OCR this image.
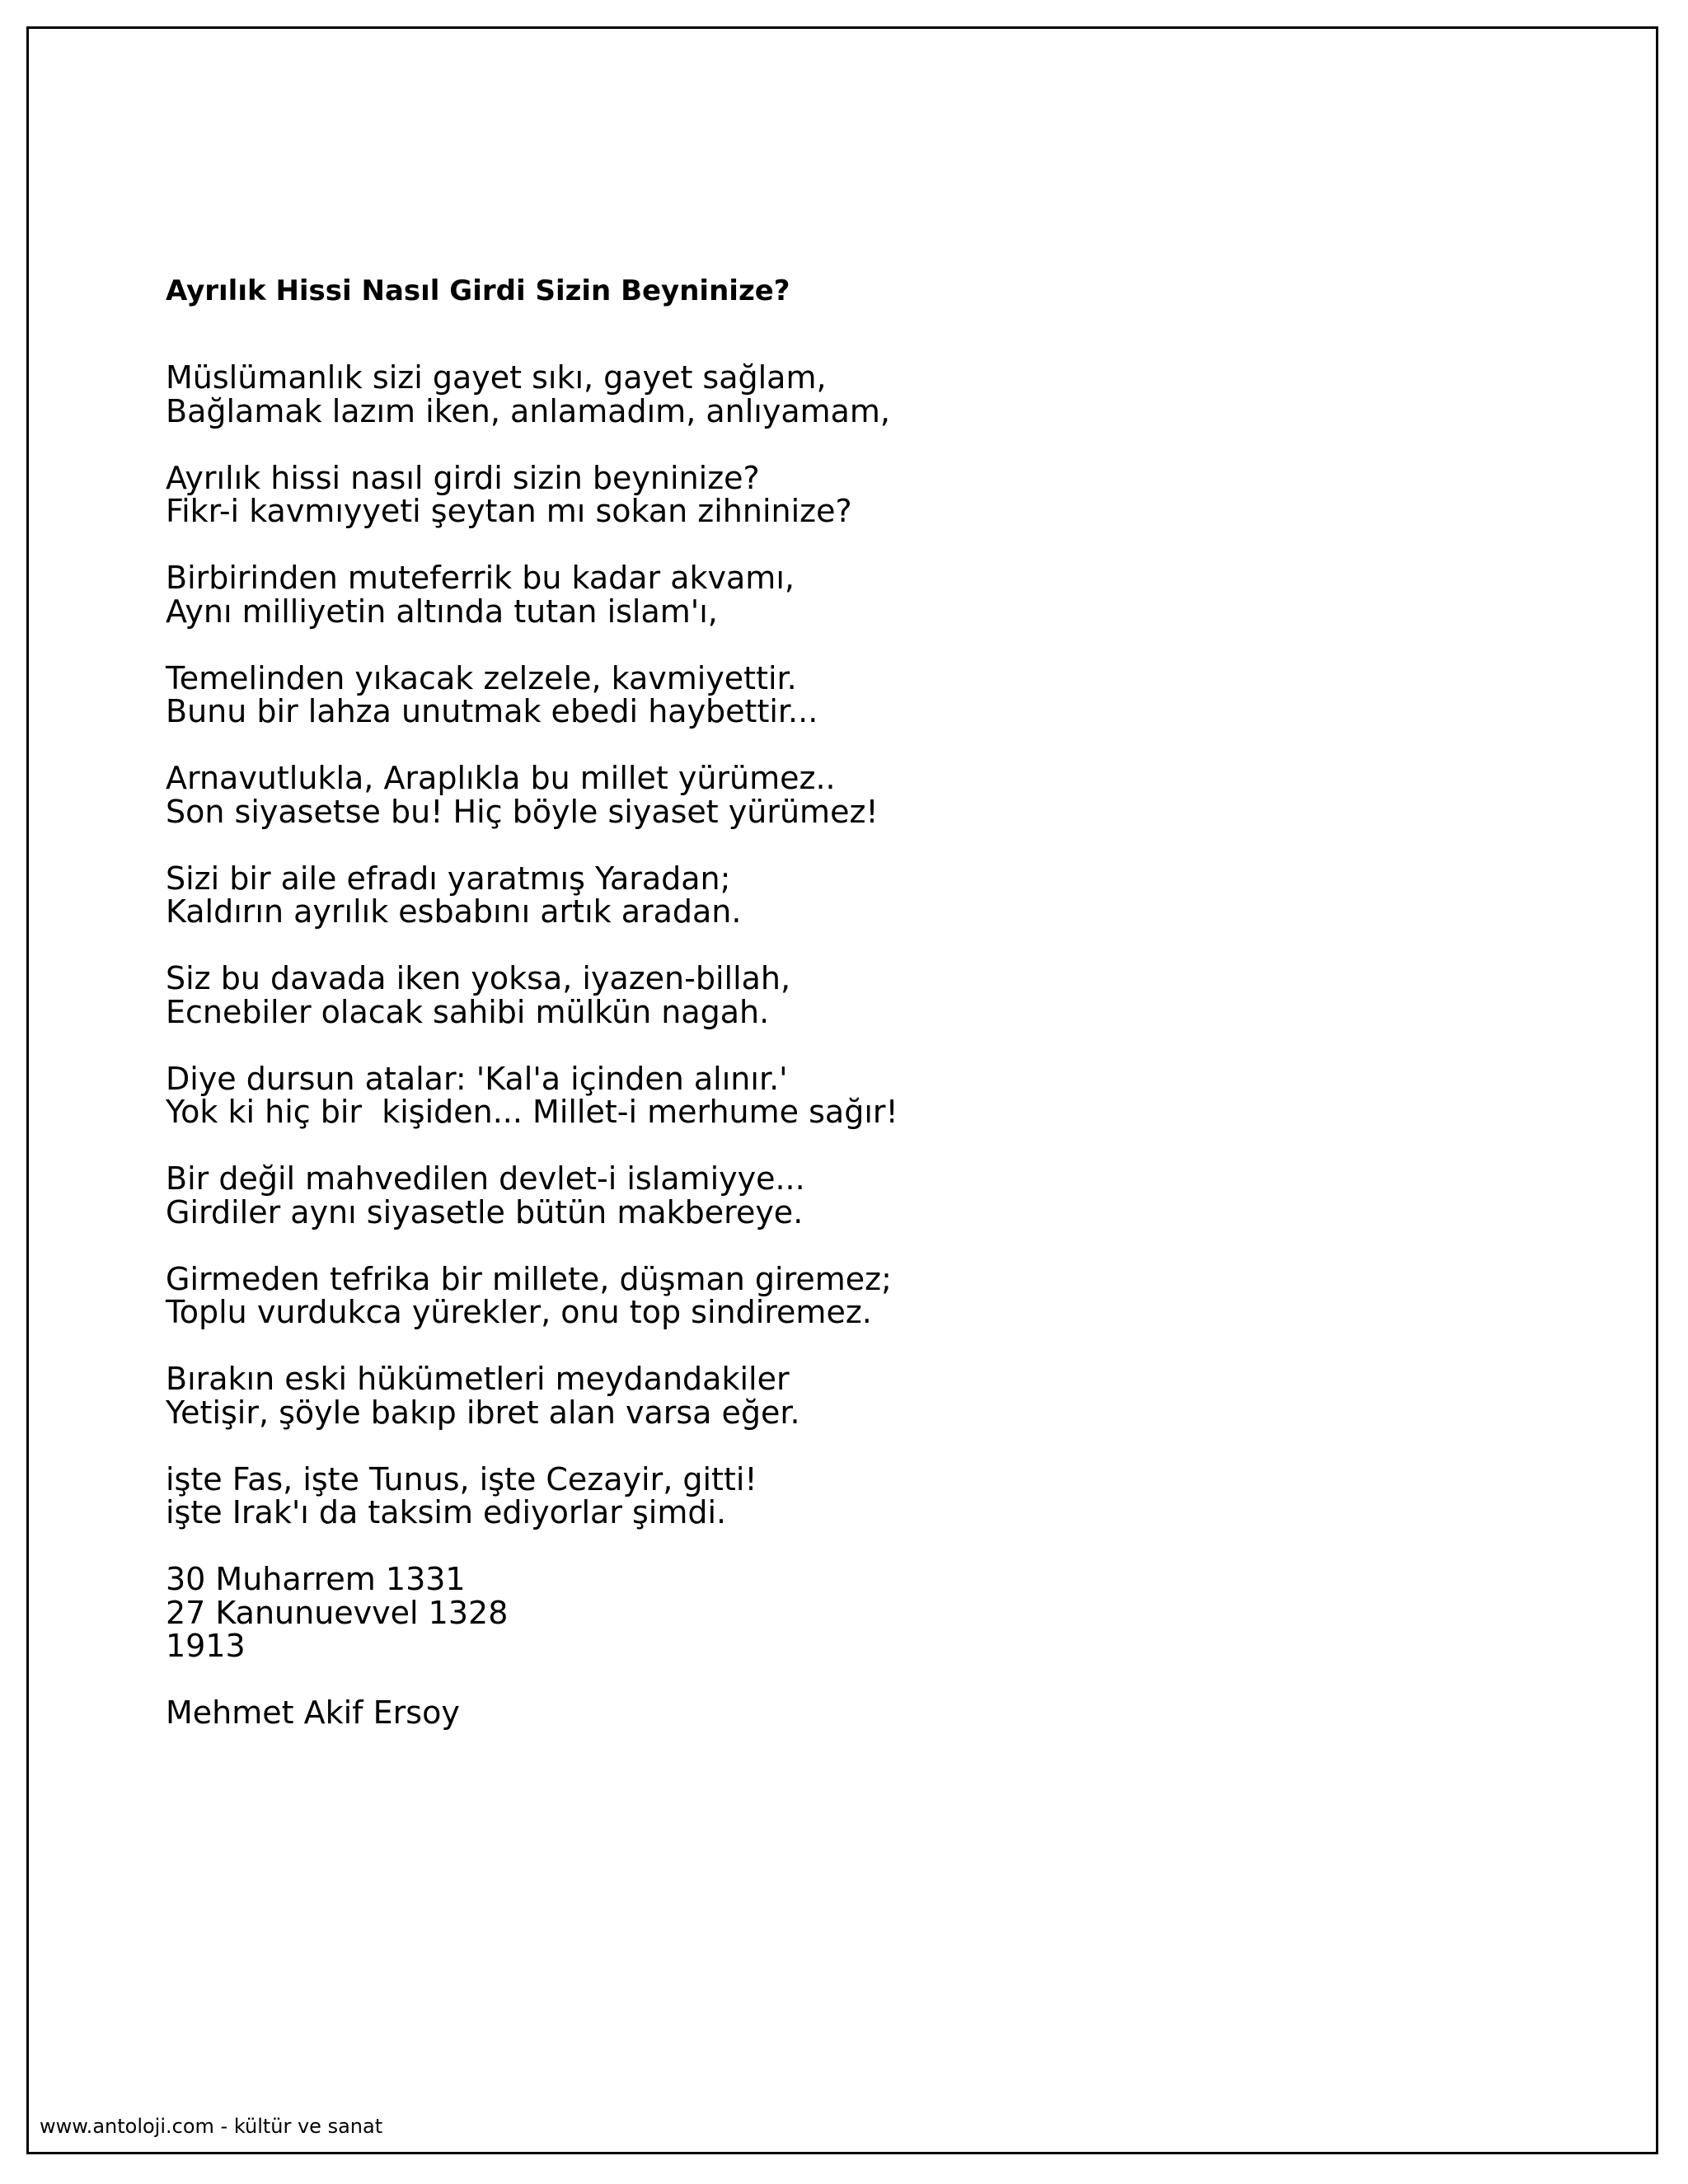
Ayrılık Hissi Nasıl Girdi Sizin Beyninize?
Müslümanlık sizi gayet sıkı, gayet sağlam,
Bağlamak lazım iken, anlamadım, anlıyamam,
Ayrılık hissi nasıl girdi sizin beyninize?
Fikr-i kavmıyyeti şeytan mı sokan zihninize?
Birbirinden muteferrik bu kadar akvamı,
Aynı milliyetin altında tutan islam'ı,
Temelinden yıkacak zelzele, kavmiyettir.
Bunu bir lahza unutmak ebedi haybettir...
Arnavutlukla, Araplıkla bu millet yürümez..
Son siyasetse bu! Hiç böyle siyaset yürümez!
Sizi bir aile efradı yaratmış Yaradan;
Kaldırın ayrılık esbabını artık aradan.
Siz bu davada iken yoksa, iyazen-billah,
Ecnebiler olacak sahibi mülkün nagah.
Diye dursun atalar: 'Kal'a içinden alınır.'
Yok ki hiç bir  kişiden... Millet-i merhume sağır!
Bir değil mahvedilen devlet-i islamiyye...
Girdiler aynı siyasetle bütün makbereye.
Girmeden tefrika bir millete, düşman giremez;
Toplu vurdukca yürekler, onu top sindiremez.
Bırakın eski hükümetleri meydandakiler
Yetişir, şöyle bakıp ibret alan varsa eğer.
işte Fas, işte Tunus, işte Cezayir, gitti!
işte Irak'ı da taksim ediyorlar şimdi.
30 Muharrem 1331
27 Kanunuevvel 1328
1913
Mehmet Akif Ersoy
www.antoloji.com - kültür ve sanat
